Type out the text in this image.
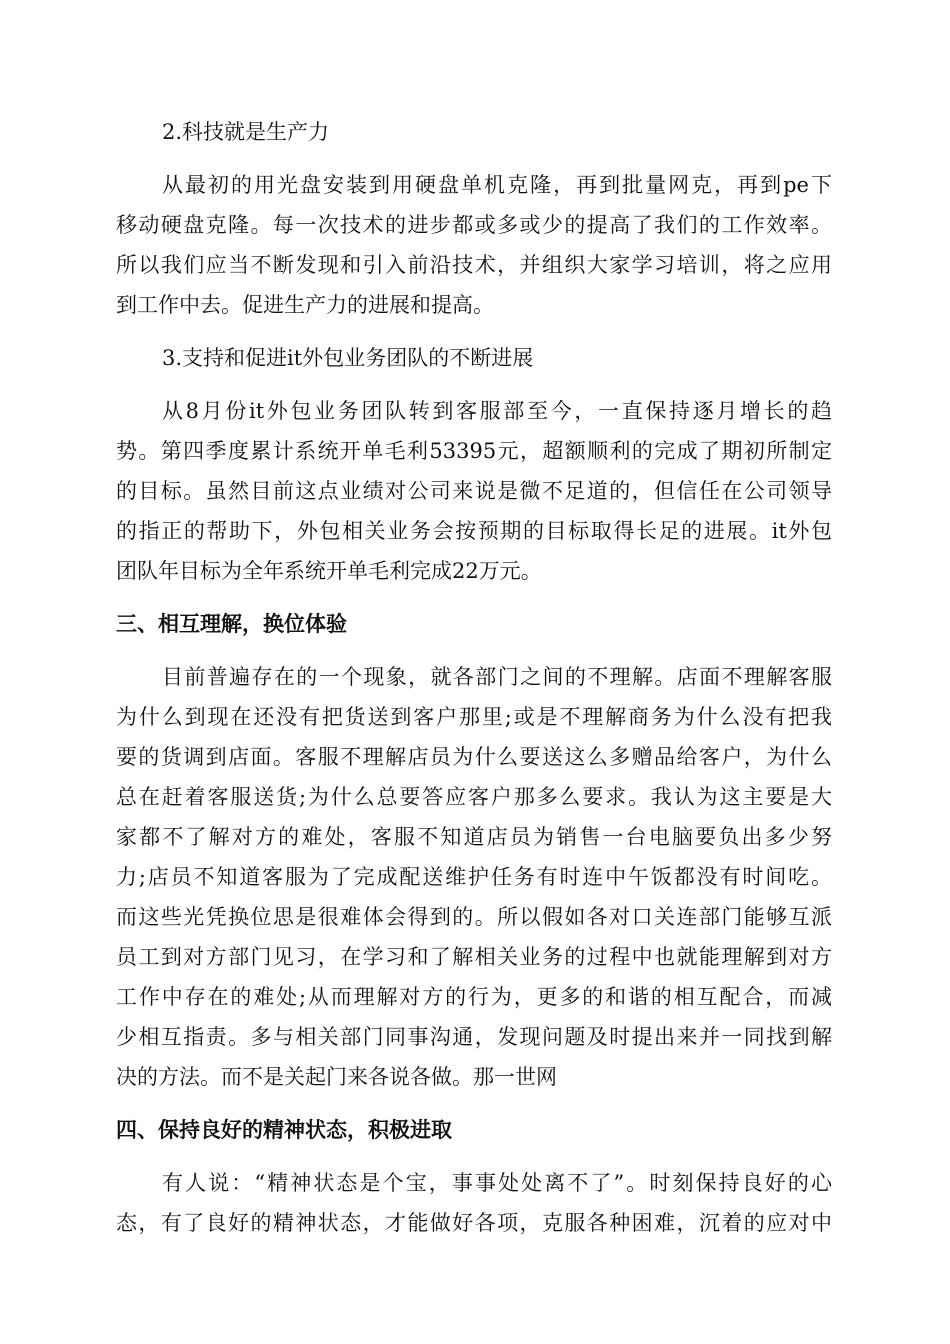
2.科技就是生产力
从最初的用光盘安装到用硬盘单机克隆，再到批量网克，再到pe下
移动硬盘克隆。每一次技术的进步都或多或少的提高了我们的工作效率。
所以我们应当不断发现和引入前沿技术，并组织大家学习培训，将之应用
到工作中去。促进生产力的进展和提高。
3.支持和促进it外包业务团队的不断进展
从8月份it外包业务团队转到客服部至今，一直保持逐月增长的趋
势。第四季度累计系统开单毛利53395元，超额顺利的完成了期初所制定
的目标。虽然目前这点业绩对公司来说是微不足道的，但信任在公司领导
的指正的帮助下，外包相关业务会按预期的目标取得长足的进展。it外包
团队年目标为全年系统开单毛利完成22万元。
三、相互理解，换位体验
目前普遍存在的一个现象，就各部门之间的不理解。店面不理解客服
为什么到现在还没有把货送到客户那里;或是不理解商务为什么没有把我
要的货调到店面。客服不理解店员为什么要送这么多赠品给客户，为什么
总在赶着客服送货;为什么总要答应客户那多么要求。我认为这主要是大
家都不了解对方的难处，客服不知道店员为销售一台电脑要负出多少努
力;店员不知道客服为了完成配送维护任务有时连中午饭都没有时间吃。
而这些光凭换位思是很难体会得到的。所以假如各对口关连部门能够互派
员工到对方部门见习，在学习和了解相关业务的过程中也就能理解到对方
工作中存在的难处;从而理解对方的行为，更多的和谐的相互配合，而减
少相互指责。多与相关部门同事沟通，发现问题及时提出来并一同找到解
决的方法。而不是关起门来各说各做。那一世网
四、保持良好的精神状态，积极进取
有人说：“精神状态是个宝，事事处处离不了”。时刻保持良好的心
态，有了良好的精神状态，才能做好各项，克服各种困难，沉着的应对中
